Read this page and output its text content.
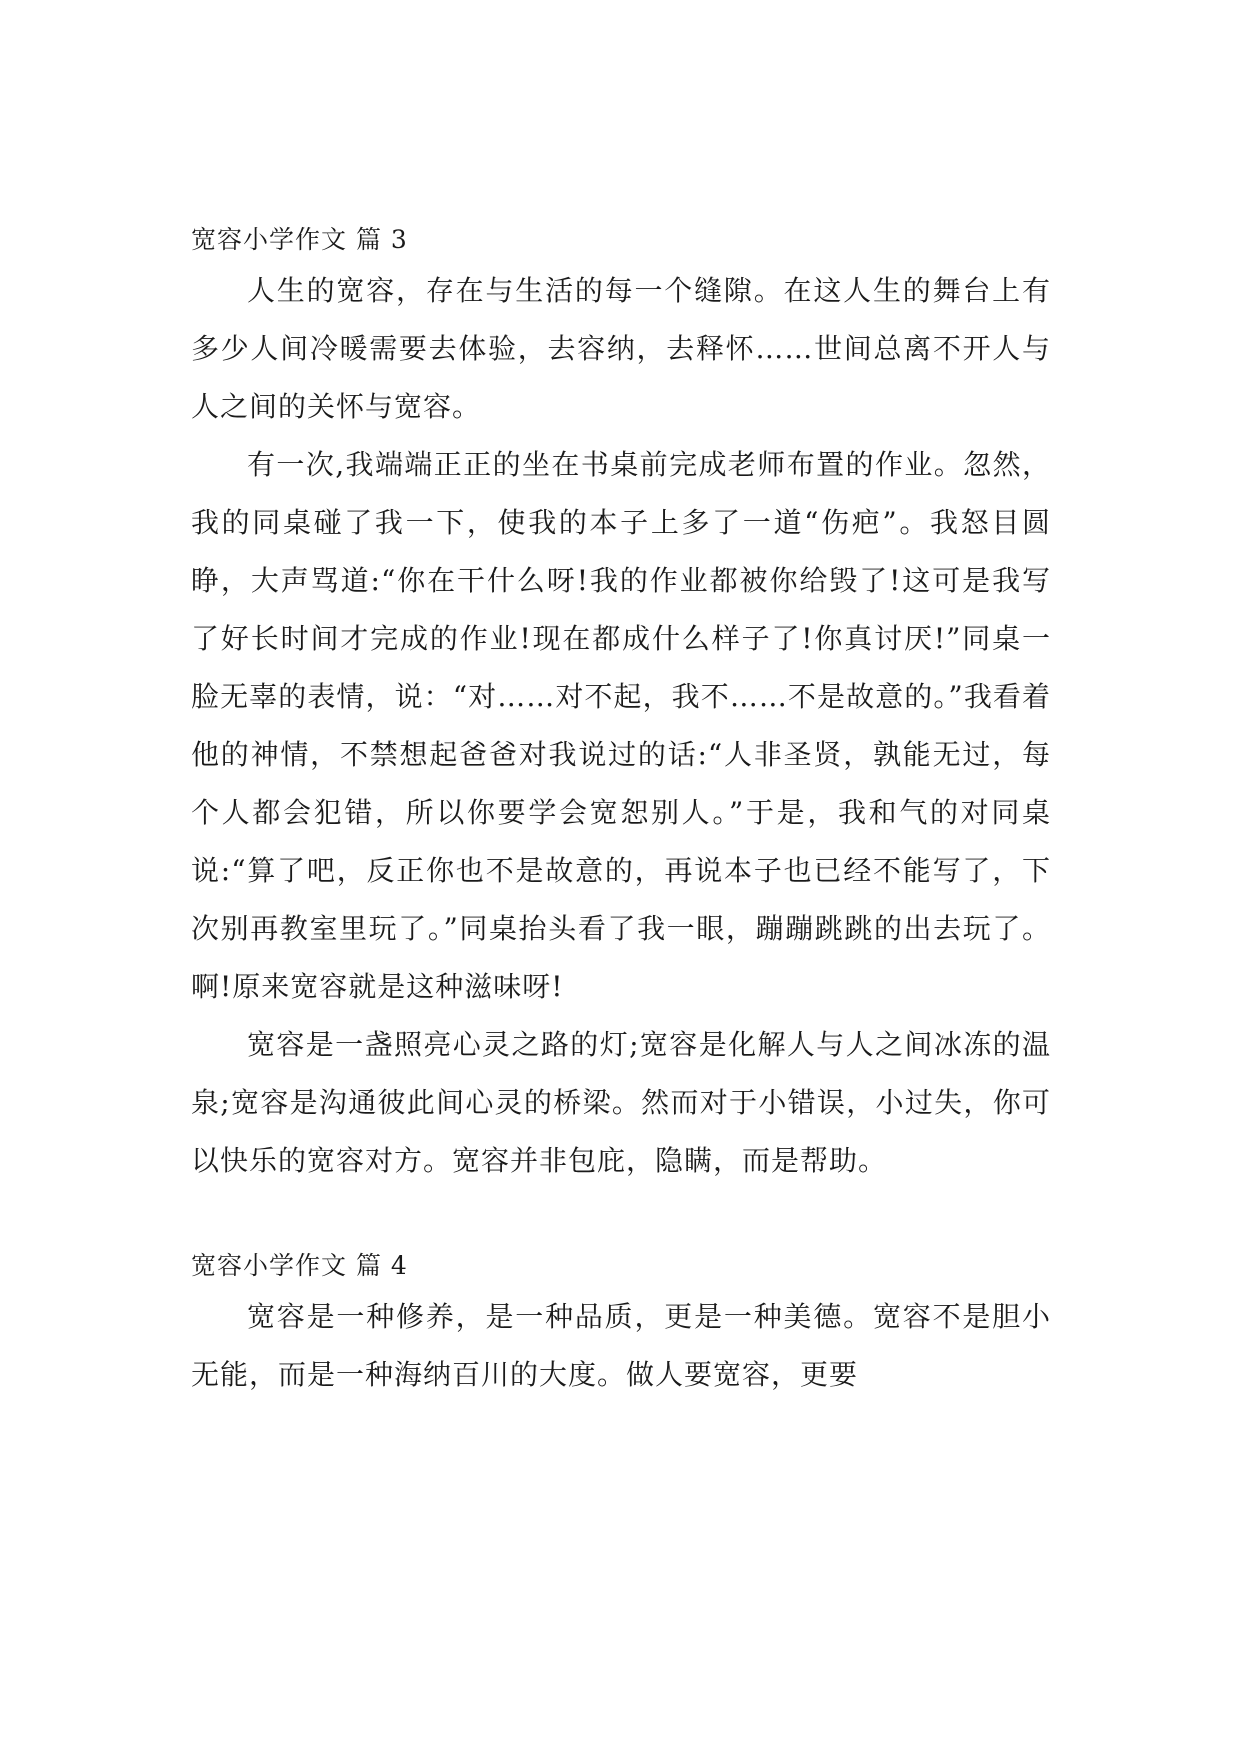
宽容小学作文 篇 3

人生的宽容，存在与生活的每一个缝隙。在这人生的舞台上有多少人间冷暖需要去体验，去容纳，去释怀……世间总离不开人与人之间的关怀与宽容。

有一次,我端端正正的坐在书桌前完成老师布置的作业。忽然，我的同桌碰了我一下，使我的本子上多了一道“伤疤”。我怒目圆睁，大声骂道:“你在干什么呀!我的作业都被你给毁了!这可是我写了好长时间才完成的作业!现在都成什么样子了!你真讨厌!”同桌一脸无辜的表情，说：“对……对不起，我不……不是故意的。”我看着他的神情，不禁想起爸爸对我说过的话:“人非圣贤，孰能无过，每个人都会犯错，所以你要学会宽恕别人。”于是，我和气的对同桌说:“算了吧，反正你也不是故意的，再说本子也已经不能写了，下次别再教室里玩了。”同桌抬头看了我一眼，蹦蹦跳跳的出去玩了。啊!原来宽容就是这种滋味呀!

宽容是一盏照亮心灵之路的灯;宽容是化解人与人之间冰冻的温泉;宽容是沟通彼此间心灵的桥梁。然而对于小错误，小过失，你可以快乐的宽容对方。宽容并非包庇，隐瞒，而是帮助。

宽容小学作文 篇 4

宽容是一种修养，是一种品质，更是一种美德。宽容不是胆小无能，而是一种海纳百川的大度。做人要宽容，更要
